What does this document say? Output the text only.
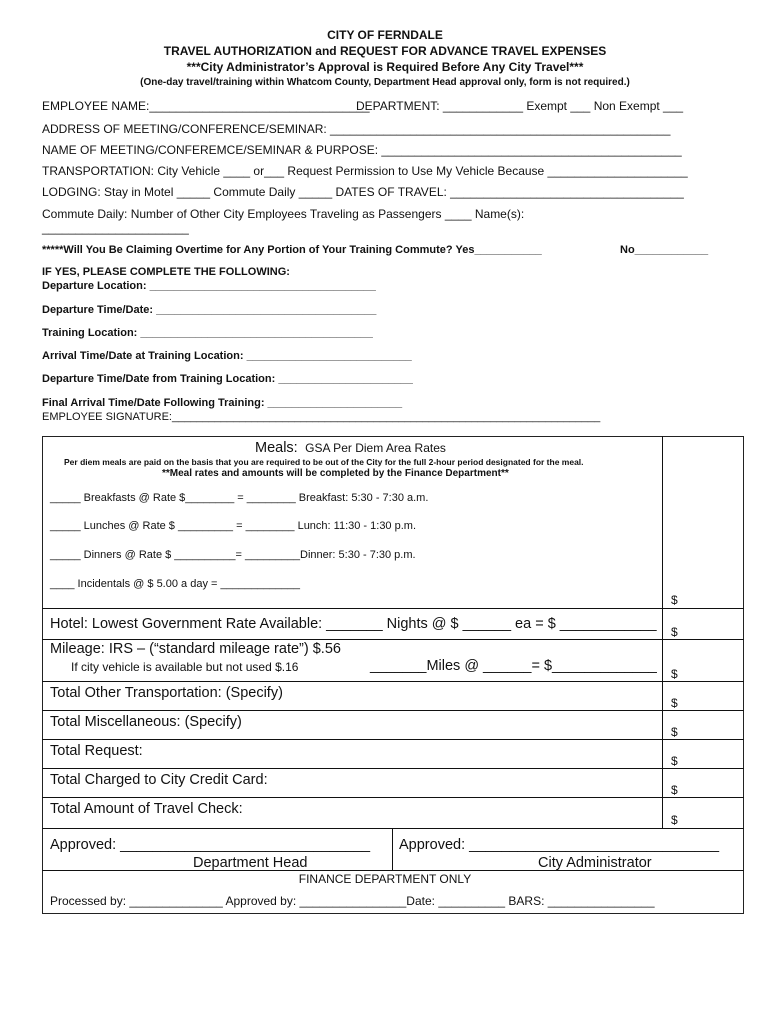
CITY OF FERNDALE
TRAVEL AUTHORIZATION and REQUEST FOR ADVANCE TRAVEL EXPENSES
***City Administrator’s Approval is Required Before Any City Travel***
(One-day travel/training within Whatcom County, Department Head approval only, form is not required.)
EMPLOYEE NAME:_________________________________
DEPARTMENT: ____________ Exempt ___ Non Exempt ___
ADDRESS OF MEETING/CONFERENCE/SEMINAR: ___________________________________________________
NAME OF MEETING/CONFEREMCE/SEMINAR & PURPOSE: _____________________________________________
TRANSPORTATION: City Vehicle ____ or___ Request Permission to Use My Vehicle Because _____________________
LODGING: Stay in Motel _____ Commute Daily _____ DATES OF TRAVEL: ___________________________________
Commute Daily: Number of Other City Employees Traveling as Passengers ____ Name(s):
______________________
*****Will You Be Claiming Overtime for Any Portion of Your Training Commute? Yes___________	No____________
IF YES, PLEASE COMPLETE THE FOLLOWING:
Departure Location: _____________________________________
Departure Time/Date: ____________________________________
Training Location: ______________________________________
Arrival Time/Date at Training Location: ___________________________
Departure Time/Date from Training Location: ______________________
Final Arrival Time/Date Following Training: ______________________
EMPLOYEE SIGNATURE:______________________________________________________________________
Meals: GSA Per Diem Area Rates
Per diem meals are paid on the basis that you are required to be out of the City for the full 2-hour period designated for the meal.
**Meal rates and amounts will be completed by the Finance Department**
_____ Breakfasts @ Rate $________ = ________ Breakfast: 5:30 - 7:30 a.m.
_____ Lunches @ Rate $ _________ = ________ Lunch: 11:30 - 1:30 p.m.
_____ Dinners @ Rate $ __________= _________Dinner: 5:30 - 7:30 p.m.
____ Incidentals @ $ 5.00 a day = _____________
$
Hotel: Lowest Government Rate Available: _______ Nights @ $ ______ ea = $ ____________ $
Mileage: IRS – (“standard mileage rate”) $.56
If city vehicle is available but not used $.16	_______Miles @ ______= $_____________ $
Total Other Transportation: (Specify)
$
Total Miscellaneous: (Specify)
$
Total Request:
$
Total Charged to City Credit Card:
$
Total Amount of Travel Check:
$
Approved: _______________________________
Department Head
Approved: _______________________________
City Administrator
FINANCE DEPARTMENT ONLY
Processed by: ______________ Approved by: ________________Date: __________ BARS: ________________
